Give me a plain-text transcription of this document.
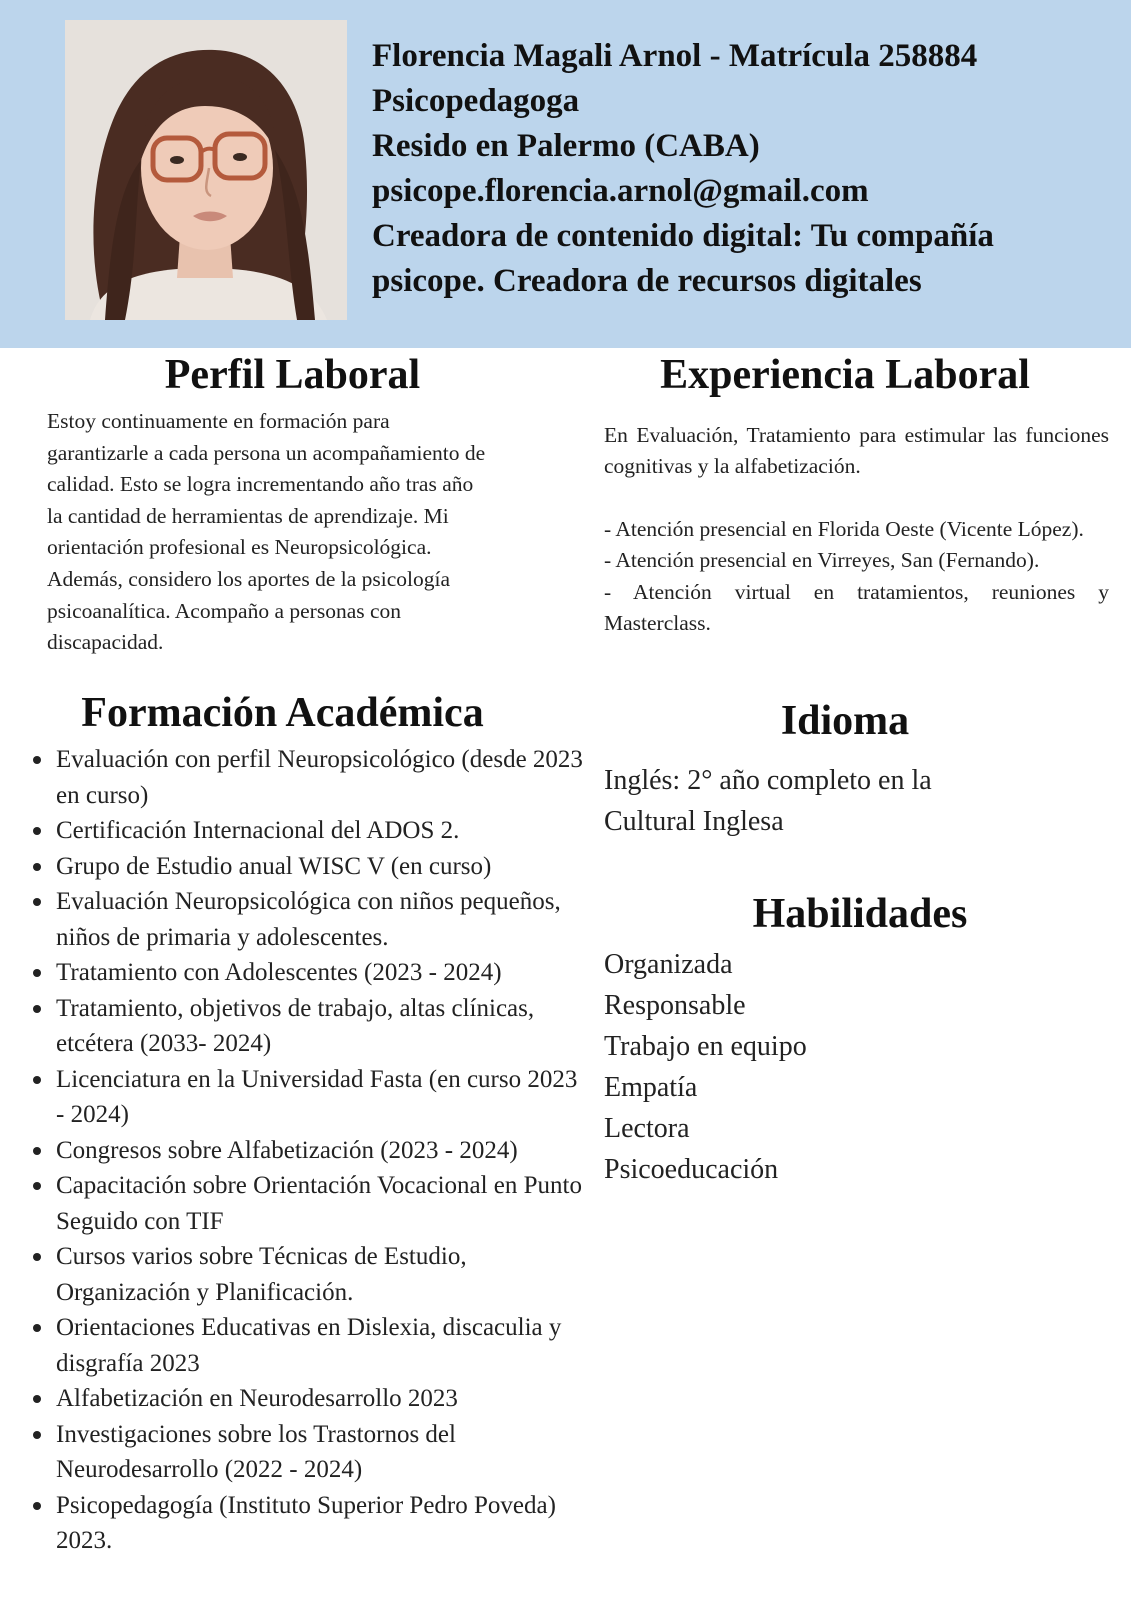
Florencia Magali Arnol - Matrícula 258884
Psicopedagoga
Resido en Palermo (CABA)
psicope.florencia.arnol@gmail.com
Creadora de contenido digital: Tu compañía psicope. Creadora de recursos digitales
Perfil Laboral

Estoy continuamente en formación para

garantizarle a cada persona un acompañamiento de

calidad. Esto se logra incrementando año tras año

la cantidad de herramientas de aprendizaje. Mi

orientación profesional es Neuropsicológica.

Además, considero los aportes de la psicología

psicoanalítica. Acompaño a personas con

discapacidad.

Experiencia Laboral

En Evaluación, Tratamiento para estimular las funciones cognitivas y la alfabetización.

- Atención presencial en Florida Oeste (Vicente López).

- Atención presencial en Virreyes, San (Fernando).

- Atención virtual en tratamientos, reuniones y Masterclass.

Formación Académica
Evaluación con perfil Neuropsicológico (desde 2023 en curso)
Certificación Internacional del ADOS 2.
Grupo de Estudio anual WISC V (en curso)
Evaluación Neuropsicológica con niños pequeños, niños de primaria y adolescentes.
Tratamiento con Adolescentes (2023 - 2024)
Tratamiento, objetivos de trabajo, altas clínicas, etcétera (2033- 2024)
Licenciatura en la Universidad Fasta (en curso 2023 - 2024)
Congresos sobre Alfabetización (2023 - 2024)
Capacitación sobre Orientación Vocacional en Punto Seguido con TIF
Cursos varios sobre Técnicas de Estudio, Organización y Planificación.
Orientaciones Educativas en Dislexia, discaculia y disgrafía 2023
Alfabetización en Neurodesarrollo 2023
Investigaciones sobre los Trastornos del Neurodesarrollo (2022 - 2024)
Psicopedagogía (Instituto Superior Pedro Poveda) 2023.
Idioma

Inglés: 2° año completo en la

Cultural Inglesa

Habilidades

Organizada

Responsable

Trabajo en equipo

Empatía

Lectora

Psicoeducación
